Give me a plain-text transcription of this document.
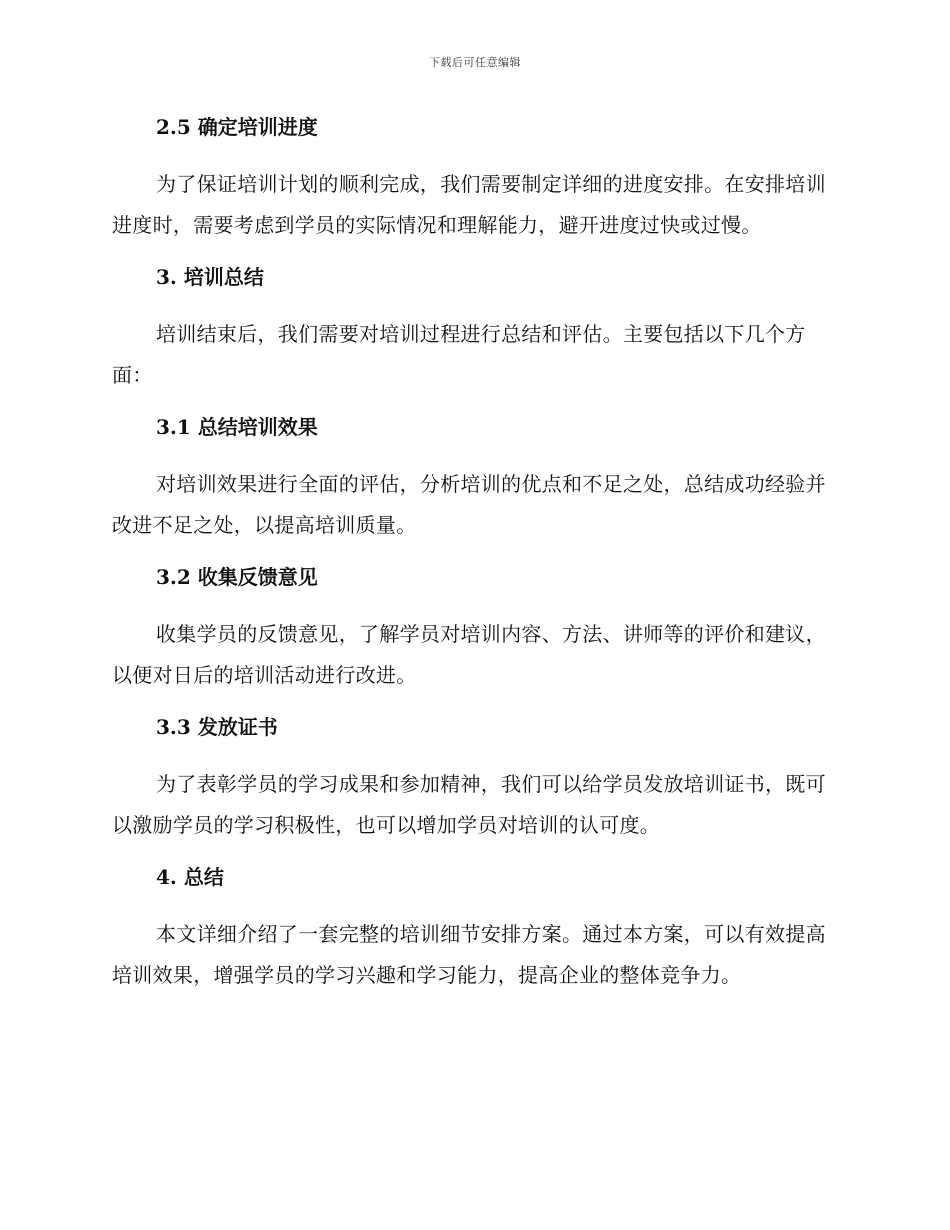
下载后可任意编辑
2.5 确定培训进度

为了保证培训计划的顺利完成，我们需要制定详细的进度安排。在安排培训进度时，需要考虑到学员的实际情况和理解能力，避开进度过快或过慢。

3. 培训总结

培训结束后，我们需要对培训过程进行总结和评估。主要包括以下几个方面：

3.1 总结培训效果

对培训效果进行全面的评估，分析培训的优点和不足之处，总结成功经验并改进不足之处，以提高培训质量。

3.2 收集反馈意见

收集学员的反馈意见，了解学员对培训内容、方法、讲师等的评价和建议，以便对日后的培训活动进行改进。

3.3 发放证书

为了表彰学员的学习成果和参加精神，我们可以给学员发放培训证书，既可以激励学员的学习积极性，也可以增加学员对培训的认可度。

4. 总结

本文详细介绍了一套完整的培训细节安排方案。通过本方案，可以有效提高培训效果，增强学员的学习兴趣和学习能力，提高企业的整体竞争力。
